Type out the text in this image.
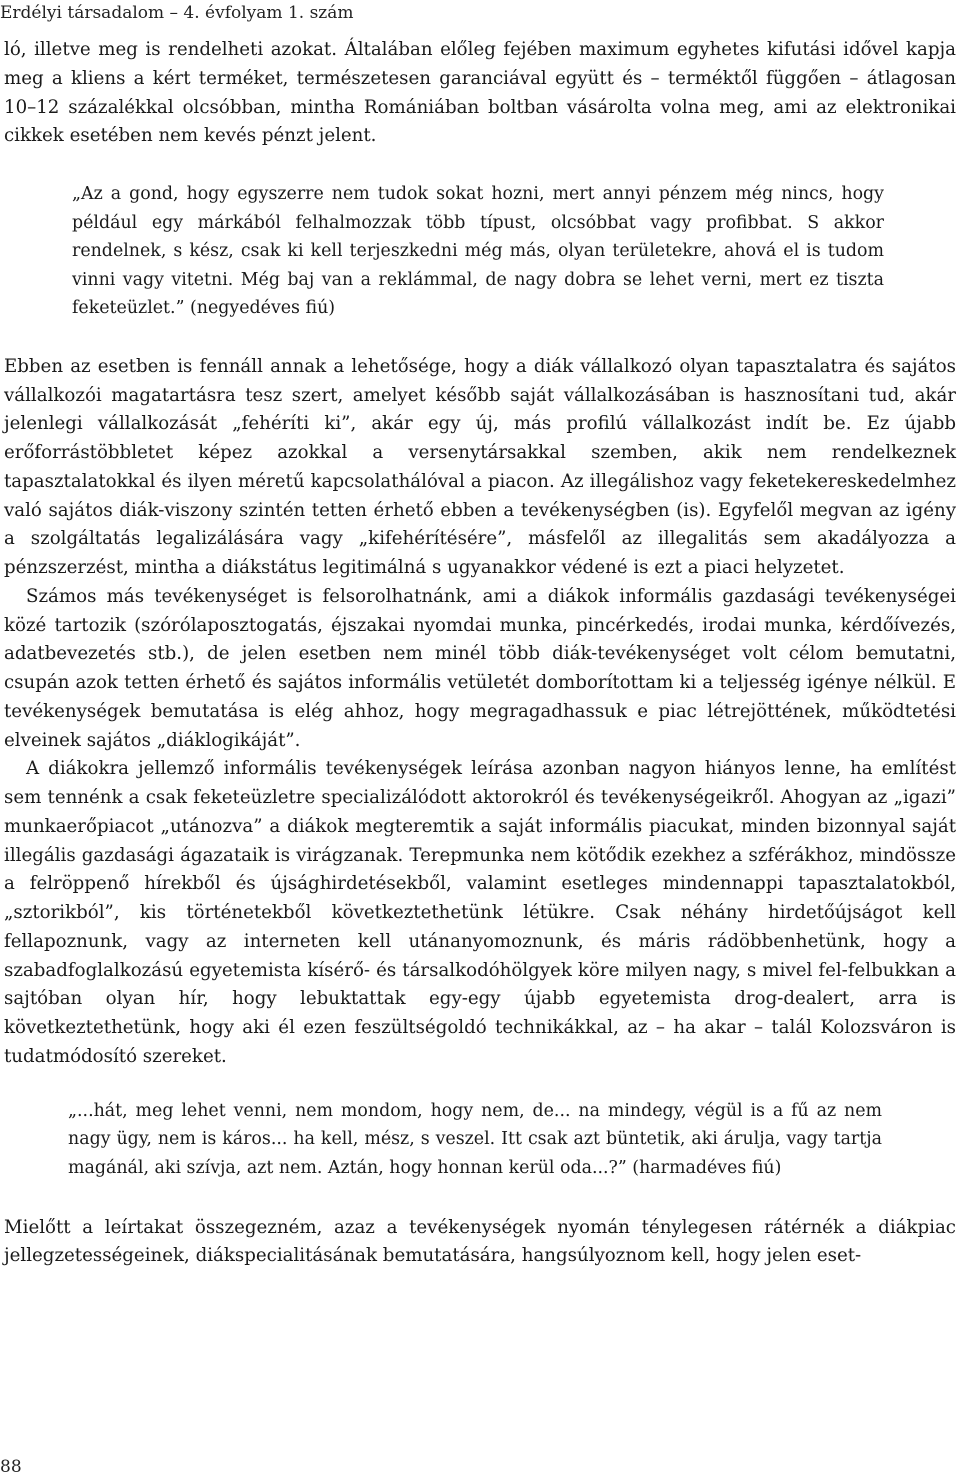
Erdélyi társadalom – 4. évfolyam 1. szám

ló, illetve meg is rendelheti azokat. Általában előleg fejében maximum egyhetes kifutási idővel kapja meg a kliens a kért terméket, természetesen garanciával együtt és – terméktől függően – átlagosan 10–12 százalékkal olcsóbban, mintha Romániában boltban vásárolta volna meg, ami az elektronikai cikkek esetében nem kevés pénzt jelent.

„Az a gond, hogy egyszerre nem tudok sokat hozni, mert annyi pénzem még nincs, hogy például egy márkából felhalmozzak több típust, olcsóbbat vagy profibbat. S akkor rendelnek, s kész, csak ki kell terjeszkedni még más, olyan területekre, ahová el is tudom vinni vagy vitetni. Még baj van a reklámmal, de nagy dobra se lehet verni, mert ez tiszta feketeüzlet.” (negyedéves fiú)

Ebben az esetben is fennáll annak a lehetősége, hogy a diák vállalkozó olyan tapasztalatra és sajátos vállalkozói magatartásra tesz szert, amelyet később saját vállalkozásában is hasznosítani tud, akár jelenlegi vállalkozását „fehéríti ki”, akár egy új, más profilú vállalkozást indít be. Ez újabb erőforrástöbbletet képez azokkal a versenytársakkal szemben, akik nem rendelkeznek tapasztalatokkal és ilyen méretű kapcsolathálóval a piacon. Az illegálishoz vagy feketekereskedelmhez való sajátos diák-viszony szintén tetten érhető ebben a tevékenységben (is). Egyfelől megvan az igény a szolgáltatás legalizálására vagy „kifehérítésére”, másfelől az illegalitás sem akadályozza a pénzszerzést, mintha a diákstátus legitimálná s ugyanakkor védené is ezt a piaci helyzetet.
Számos más tevékenységet is felsorolhatnánk, ami a diákok informális gazdasági tevékenységei közé tartozik (szórólaposztogatás, éjszakai nyomdai munka, pincérkedés, irodai munka, kérdőívezés, adatbevezetés stb.), de jelen esetben nem minél több diák-tevékenységet volt célom bemutatni, csupán azok tetten érhető és sajátos informális vetületét domborítottam ki a teljesség igénye nélkül. E tevékenységek bemutatása is elég ahhoz, hogy megragadhassuk e piac létrejöttének, működtetési elveinek sajátos „diáklogikáját”.
A diákokra jellemző informális tevékenységek leírása azonban nagyon hiányos lenne, ha említést sem tennénk a csak feketeüzletre specializálódott aktorokról és tevékenységeikről. Ahogyan az „igazi” munkaerőpiacot „utánozva” a diákok megteremtik a saját informális piacukat, minden bizonnyal saját illegális gazdasági ágazataik is virágzanak. Terepmunka nem kötődik ezekhez a szférákhoz, mindössze a felröppenő hírekből és újsághirdetésekből, valamint esetleges mindennappi tapasztalatokból, „sztorikból”, kis történetekből következtethetünk létükre. Csak néhány hirdetőújságot kell fellapoznunk, vagy az interneten kell utánanyomoznunk, és máris rádöbbenhetünk, hogy a szabadfoglalkozású egyetemista kísérő- és társalkodóhölgyek köre milyen nagy, s mivel fel-felbukkan a sajtóban olyan hír, hogy lebuktattak egy-egy újabb egyetemista drog-dealert, arra is következtethetünk, hogy aki él ezen feszültségoldó technikákkal, az – ha akar – talál Kolozsváron is tudatmódosító szereket.

„...hát, meg lehet venni, nem mondom, hogy nem, de... na mindegy, végül is a fű az nem nagy ügy, nem is káros... ha kell, mész, s veszel. Itt csak azt büntetik, aki árulja, vagy tartja magánál, aki szívja, azt nem. Aztán, hogy honnan kerül oda...?” (harmadéves fiú)

Mielőtt a leírtakat összegezném, azaz a tevékenységek nyomán ténylegesen rátérnék a diákpiac jellegzetességeinek, diákspecialitásának bemutatására, hangsúlyoznom kell, hogy jelen eset-

88
